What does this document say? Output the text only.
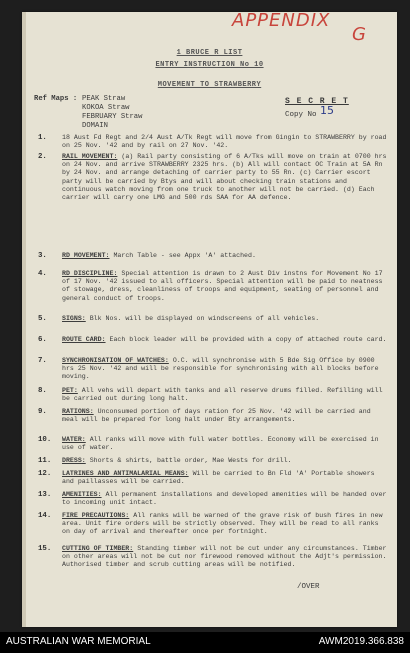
APPENDIX
G
1 BRUCE R LIST
ENTRY INSTRUCTION No 10
MOVEMENT TO STRAWBERRY
Ref Maps : PEAK Straw
KOKOA Straw
FEBRUARY Straw
DOMAIN
S E C R E T
Copy No 15
1. 18 Aust Fd Regt and 2/4 Aust A/Tk Regt will move from Gingin to STRAWBERRY by road on 25 Nov. '42 and by rail on 27 Nov. '42.
2. RAIL MOVEMENT: (a) Rail party consisting of 6 A/Tks will move on train at 0700 hrs on 24 Nov. and arrive STRAWBERRY 2325 hrs. (b) All will contact OC Train at 5A Rn by 24 Nov. and arrange detaching of carrier party to 55 Rn. (c) Carrier escort party will be carried by Btys and will about checking train stations and continuous watch moving from one truck to another will not be carried. (d) Each carrier will carry one LMG and 500 rds SAA for AA defence.
3. RD MOVEMENT: March Table - see Appx 'A' attached.
4. RD DISCIPLINE: Special attention is drawn to 2 Aust Div instns for Movement No 17 of 17 Nov. '42 issued to all officers. Special attention will be paid to neatness of stowage, dress, cleanliness of troops and equipment, seating of personnel and general conduct of troops.
5. SIGNS: Blk Nos. will be displayed on windscreens of all vehicles.
6. ROUTE CARD: Each block leader will be provided with a copy of attached route card.
7. SYNCHRONISATION OF WATCHES: O.C. will synchronise with 5 Bde Sig Office by 0900 hrs 25 Nov. '42 and will be responsible for synchronising with all blocks before moving.
8. PET: All vehs will depart with tanks and all reserve drums filled. Refilling will be carried out during long halt.
9. RATIONS: Unconsumed portion of days ration for 25 Nov. '42 will be carried and meal will be prepared for long halt under Bty arrangements.
10. WATER: All ranks will move with full water bottles. Economy will be exercised in use of water.
11. DRESS: Shorts & shirts, battle order, Mae Wests for drill.
12. LATRINES AND ANTIMALARIAL MEANS: Will be carried to Bn Fld 'A' Portable showers and paillasses will be carried.
13. AMENITIES: All permanent installations and developed amenities will be handed over to incoming unit intact.
14. FIRE PRECAUTIONS: All ranks will be warned of the grave risk of bush fires in new area. Unit fire orders will be strictly observed. They will be read to all ranks on day of arrival and thereafter once per fortnight.
15. CUTTING OF TIMBER: Standing timber will not be cut under any circumstances. Timber on other areas will not be cut nor firewood removed without the Adjt's permission. Authorised timber and scrub cutting areas will be notified.
/OVER
AUSTRALIAN WAR MEMORIAL	AWM2019.366.838
